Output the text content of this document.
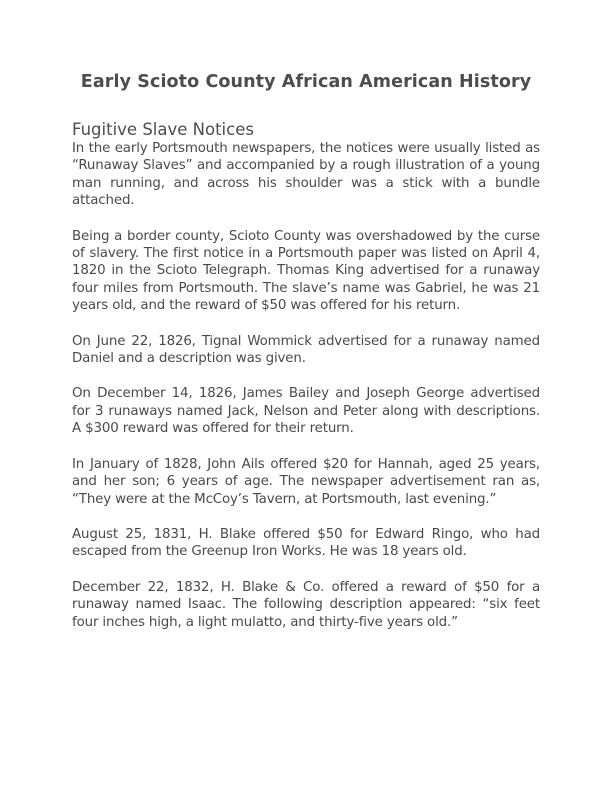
Early Scioto County African American History
Fugitive Slave Notices

In the early Portsmouth newspapers, the notices were usually listed as “Runaway Slaves” and accompanied by a rough illustration of a young man running, and across his shoulder was a stick with a bundle attached.

Being a border county, Scioto County was overshadowed by the curse of slavery. The first notice in a Portsmouth paper was listed on April 4, 1820 in the Scioto Telegraph. Thomas King advertised for a runaway four miles from Portsmouth. The slave’s name was Gabriel, he was 21 years old, and the reward of $50 was offered for his return.

On June 22, 1826, Tignal Wommick advertised for a runaway named Daniel and a description was given.

On December 14, 1826, James Bailey and Joseph George advertised for 3 runaways named Jack, Nelson and Peter along with descriptions. A $300 reward was offered for their return.

In January of 1828, John Ails offered $20 for Hannah, aged 25 years, and her son; 6 years of age. The newspaper advertisement ran as, “They were at the McCoy’s Tavern, at Portsmouth, last evening.”

August 25, 1831, H. Blake offered $50 for Edward Ringo, who had escaped from the Greenup Iron Works. He was 18 years old.

December 22, 1832, H. Blake & Co. offered a reward of $50 for a runaway named Isaac. The following description appeared: “six feet four inches high, a light mulatto, and thirty-five years old.”
